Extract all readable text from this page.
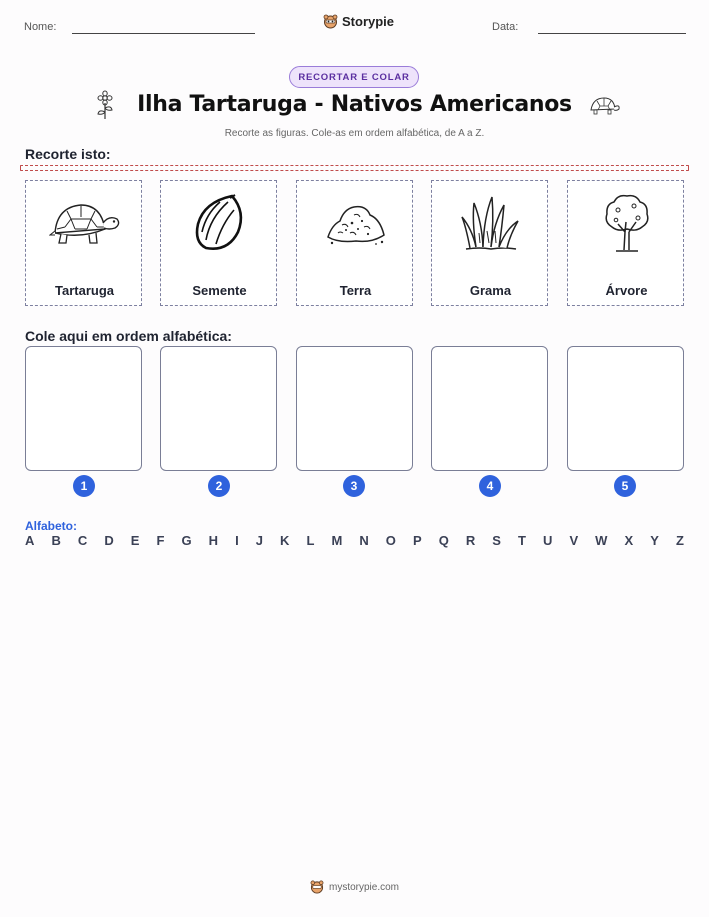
Nome:	Storypie	Data:
RECORTAR E COLAR
Ilha Tartaruga - Nativos Americanos
Recorte as figuras. Cole-as em ordem alfabética, de A a Z.
Recorte isto:
Tartaruga	Semente	Terra	Grama	Árvore
Cole aqui em ordem alfabética:
1	2	3	4	5
Alfabeto:
A B C D E F G H I J K L M N O P Q R S T U V W X Y Z
mystorypie.com
